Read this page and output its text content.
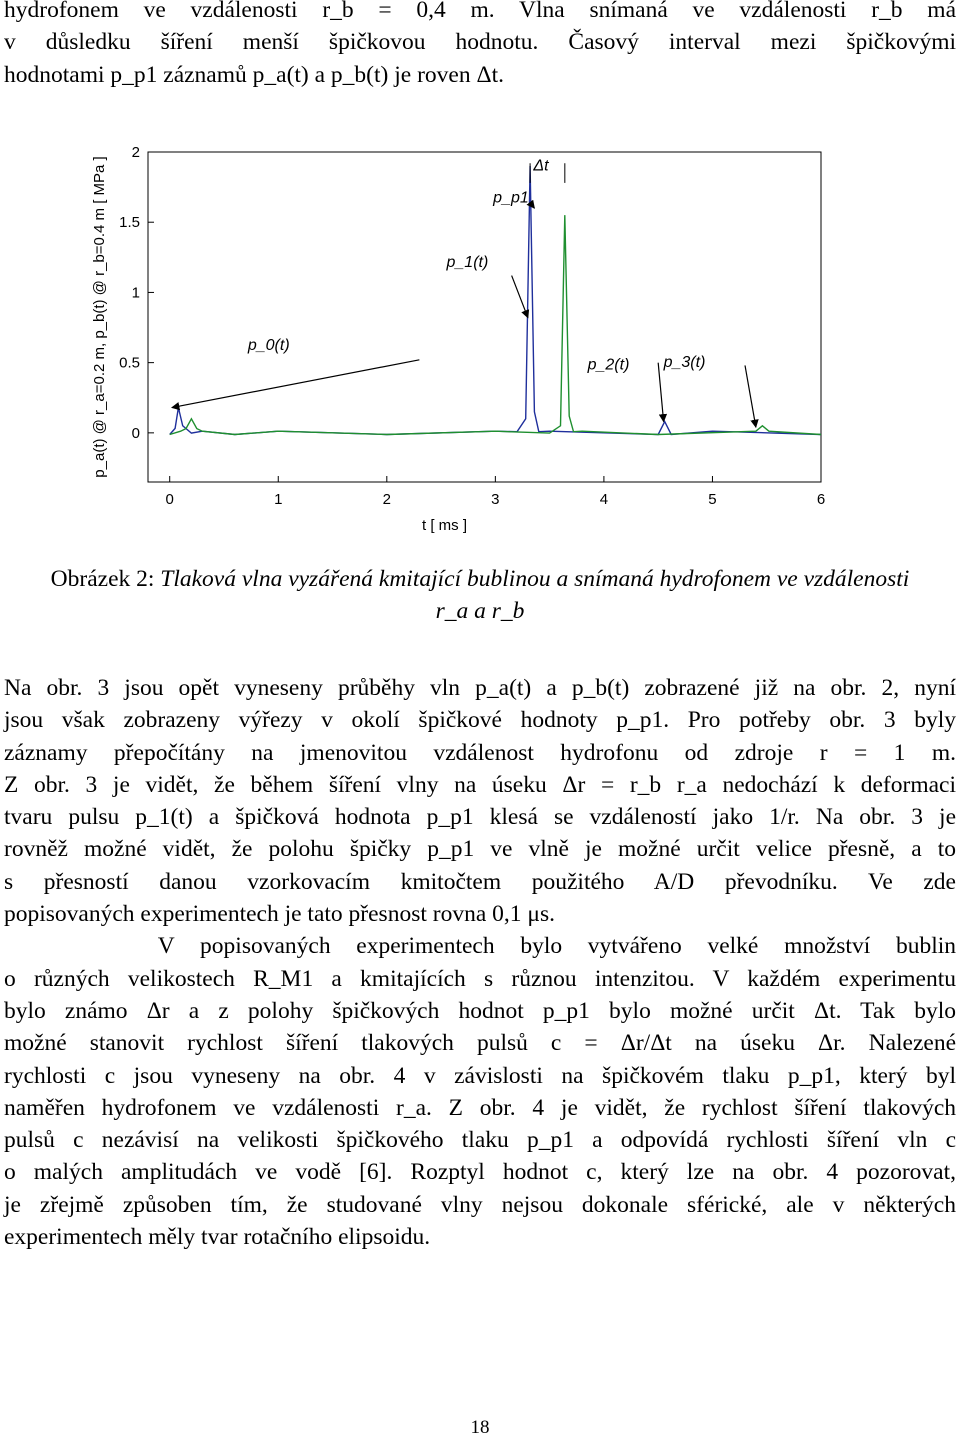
hydrofonem ve vzdálenosti r_b = 0,4 m. Vlna snímaná ve vzdálenosti r_b má
v důsledku šíření menší špičkovou hodnotu. Časový interval mezi špičkovými
hodnotami p_p1 záznamů p_a(t) a p_b(t) je roven Δt.
0
0.5
1
1.5
2
0	1	2	3	4	5	6
t [ ms ]
p_a(t) @ r_a=0.2 m, p_b(t) @ r_b=0.4 m [ MPa ]	p_0(t)
p_1(t)
p_p1
p_2(t) p_3(t)
Δt
Obrázek 2: Tlaková vlna vyzářená kmitající bublinou a snímaná hydrofonem ve vzdálenosti
r_a a r_b
Na obr. 3 jsou opět vyneseny průběhy vln p_a(t) a p_b(t) zobrazené již na obr. 2, nyní
jsou však zobrazeny výřezy v okolí špičkové hodnoty p_p1. Pro potřeby obr. 3 byly
záznamy přepočítány na jmenovitou vzdálenost hydrofonu od zdroje r = 1 m.
Z obr. 3 je vidět, že během šíření vlny na úseku Δr = r_b r_a nedochází k deformaci
tvaru pulsu p_1(t) a špičková hodnota p_p1 klesá se vzdáleností jako 1/r. Na obr. 3 je
rovněž možné vidět, že polohu špičky p_p1 ve vlně je možné určit velice přesně, a to
s přesností danou vzorkovacím kmitočtem použitého A/D převodníku. Ve zde
popisovaných experimentech je tato přesnost rovna 0,1 μs.
V popisovaných experimentech bylo vytvářeno velké množství bublin
o různých velikostech R_M1 a kmitajících s různou intenzitou. V každém experimentu
bylo známo Δr a z polohy špičkových hodnot p_p1 bylo možné určit Δt. Tak bylo
možné stanovit rychlost šíření tlakových pulsů c = Δr/Δt na úseku Δr. Nalezené
rychlosti c jsou vyneseny na obr. 4 v závislosti na špičkovém tlaku p_p1, který byl
naměřen hydrofonem ve vzdálenosti r_a. Z obr. 4 je vidět, že rychlost šíření tlakových
pulsů c nezávisí na velikosti špičkového tlaku p_p1 a odpovídá rychlosti šíření vln c
o malých amplitudách ve vodě [6]. Rozptyl hodnot c, který lze na obr. 4 pozorovat,
je zřejmě způsoben tím, že studované vlny nejsou dokonale sférické, ale v některých
experimentech měly tvar rotačního elipsoidu.
18
